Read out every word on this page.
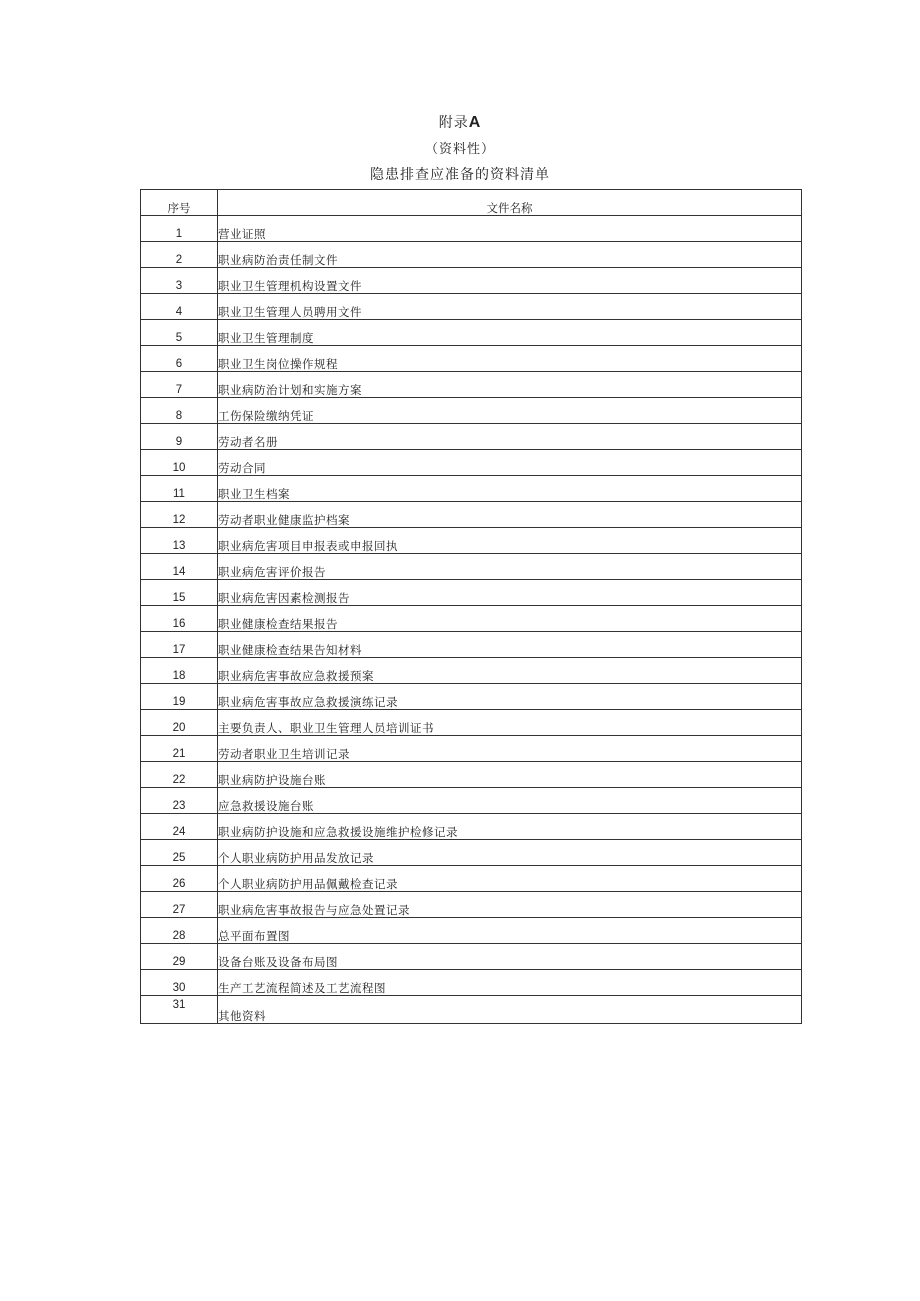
附录A
（资料性）
隐患排查应准备的资料清单
序号	文件名称
1	营业证照
2	职业病防治责任制文件
3	职业卫生管理机构设置文件
4	职业卫生管理人员聘用文件
5	职业卫生管理制度
6	职业卫生岗位操作规程
7	职业病防治计划和实施方案
8	工伤保险缴纳凭证
9	劳动者名册
10	劳动合同
11	职业卫生档案
12	劳动者职业健康监护档案
13	职业病危害项目申报表或申报回执
14	职业病危害评价报告
15	职业病危害因素检测报告
16	职业健康检查结果报告
17	职业健康检查结果告知材料
18	职业病危害事故应急救援预案
19	职业病危害事故应急救援演练记录
20	主要负责人、职业卫生管理人员培训证书
21	劳动者职业卫生培训记录
22	职业病防护设施台账
23	应急救援设施台账
24	职业病防护设施和应急救援设施维护检修记录
25	个人职业病防护用品发放记录
26	个人职业病防护用品佩戴检查记录
27	职业病危害事故报告与应急处置记录
28	总平面布置图
29	设备台账及设备布局图
30	生产工艺流程简述及工艺流程图
31	其他资料
